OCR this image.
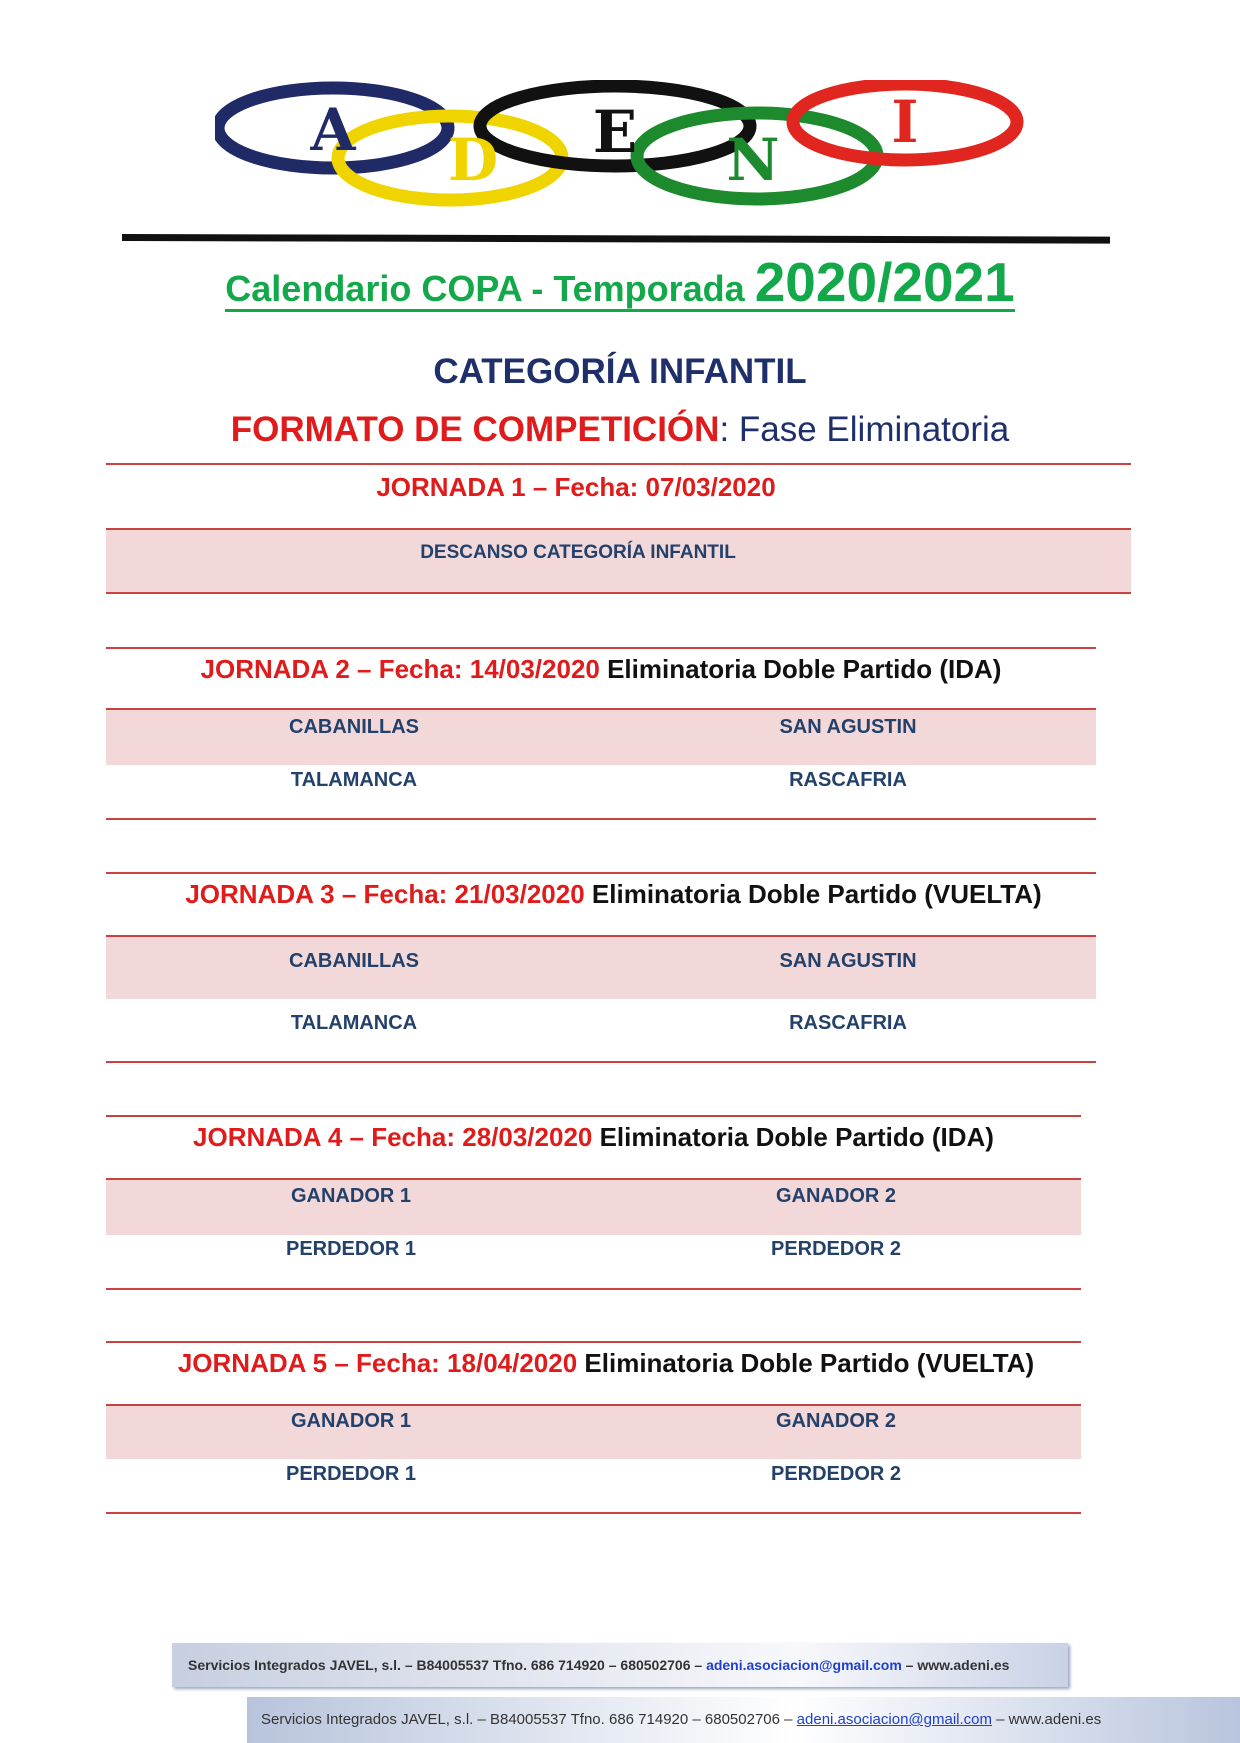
A D E N
I
Calendario COPA - Temporada 2020/2021
CATEGORÍA INFANTIL
FORMATO DE COMPETICIÓN: Fase Eliminatoria
JORNADA 1 – Fecha: 07/03/2020
DESCANSO CATEGORÍA INFANTIL
JORNADA 2 – Fecha: 14/03/2020 Eliminatoria Doble Partido (IDA)
CABANILLAS	SAN AGUSTIN
TALAMANCA	RASCAFRIA
JORNADA 3 – Fecha: 21/03/2020 Eliminatoria Doble Partido (VUELTA)
CABANILLAS	SAN AGUSTIN
TALAMANCA	RASCAFRIA
JORNADA 4 – Fecha: 28/03/2020 Eliminatoria Doble Partido (IDA)
GANADOR 1	GANADOR 2
PERDEDOR 1	PERDEDOR 2
JORNADA 5 – Fecha: 18/04/2020 Eliminatoria Doble Partido (VUELTA)
GANADOR 1	GANADOR 2
PERDEDOR 1	PERDEDOR 2
Servicios Integrados JAVEL, s.l. – B84005537 Tfno. 686 714920 – 680502706 – adeni.asociacion@gmail.com – www.adeni.es
Servicios Integrados JAVEL, s.l. – B84005537 Tfno. 686 714920 – 680502706 – adeni.asociacion@gmail.com – www.adeni.es
